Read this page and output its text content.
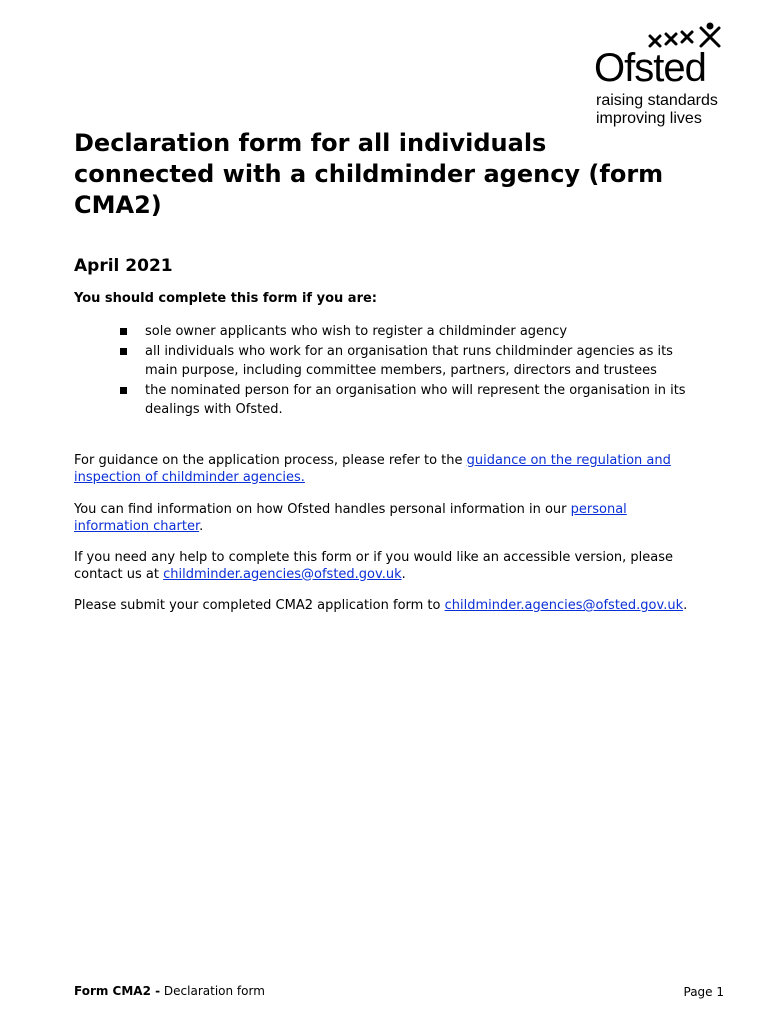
Ofsted
raising standards
improving lives
Declaration form for all individuals connected with a childminder agency (form CMA2)
April 2021

You should complete this form if you are:

sole owner applicants who wish to register a childminder agency
all individuals who work for an organisation that runs childminder agencies as its main purpose, including committee members, partners, directors and trustees
the nominated person for an organisation who will represent the organisation in its dealings with Ofsted.

For guidance on the application process, please refer to the guidance on the regulation and inspection of childminder agencies.

You can find information on how Ofsted handles personal information in our personal information charter.

If you need any help to complete this form or if you would like an accessible version, please contact us at childminder.agencies@ofsted.gov.uk.

Please submit your completed CMA2 application form to childminder.agencies@ofsted.gov.uk.

Form CMA2 - Declaration form	Page 1
